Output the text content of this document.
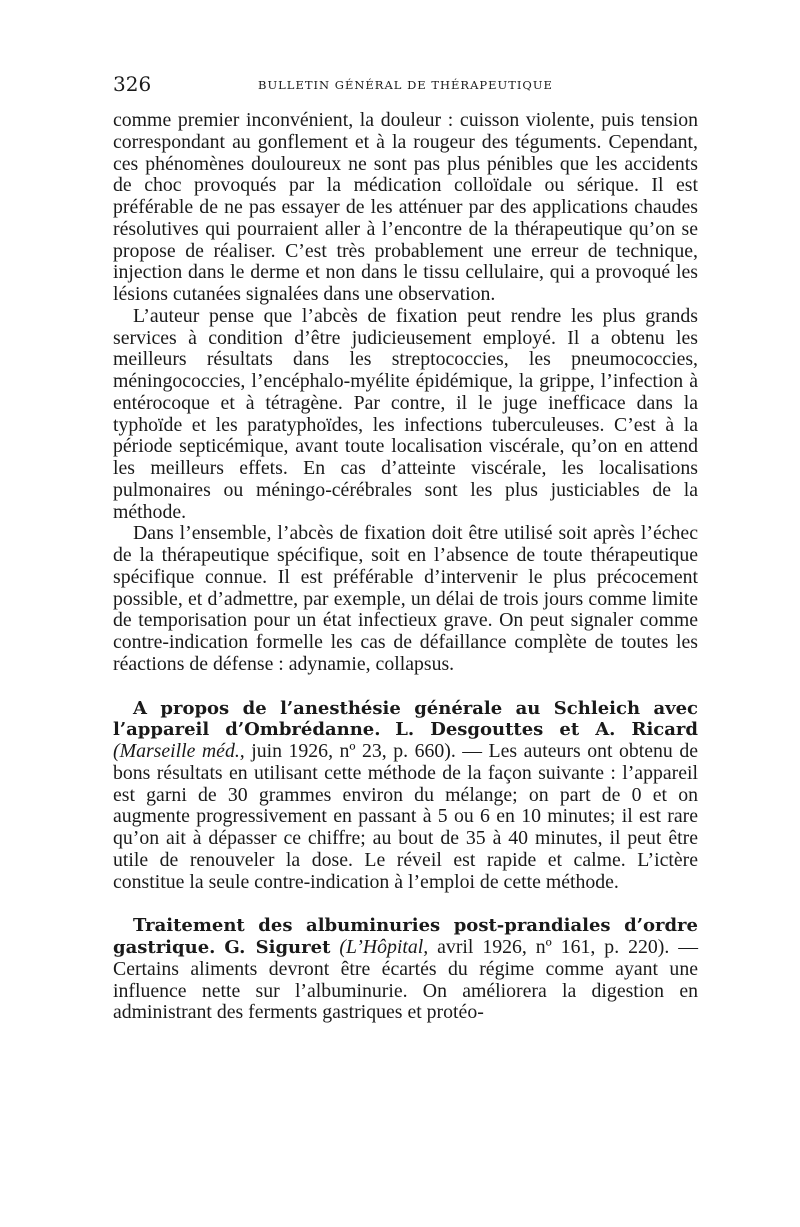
326	BULLETIN GÉNÉRAL DE THÉRAPEUTIQUE

comme premier inconvénient, la douleur : cuisson violente, puis tension correspondant au gonflement et à la rougeur des téguments. Cependant, ces phénomènes douloureux ne sont pas plus pénibles que les accidents de choc provoqués par la médication colloïdale ou sérique. Il est préférable de ne pas essayer de les atténuer par des applications chaudes résolutives qui pourraient aller à l’encontre de la thérapeutique qu’on se propose de réaliser. C’est très probablement une erreur de technique, injection dans le derme et non dans le tissu cellulaire, qui a provoqué les lésions cutanées signalées dans une observation.

L’auteur pense que l’abcès de fixation peut rendre les plus grands services à condition d’être judicieusement employé. Il a obtenu les meilleurs résultats dans les streptococcies, les pneumococcies, méningococcies, l’encéphalo-myélite épidémique, la grippe, l’infection à entérocoque et à tétragène. Par contre, il le juge inefficace dans la typhoïde et les paratyphoïdes, les infections tuberculeuses. C’est à la période septicémique, avant toute localisation viscérale, qu’on en attend les meilleurs effets. En cas d’atteinte viscérale, les localisations pulmonaires ou méningo-cérébrales sont les plus justiciables de la méthode.

Dans l’ensemble, l’abcès de fixation doit être utilisé soit après l’échec de la thérapeutique spécifique, soit en l’absence de toute thérapeutique spécifique connue. Il est préférable d’intervenir le plus précocement possible, et d’admettre, par exemple, un délai de trois jours comme limite de temporisation pour un état infectieux grave. On peut signaler comme contre-indication formelle les cas de défaillance complète de toutes les réactions de défense : adynamie, collapsus.

A propos de l’anesthésie générale au Schleich avec l’appareil d’Ombrédanne. L. Desgouttes et A. Ricard (Marseille méd., juin 1926, nº 23, p. 660). — Les auteurs ont obtenu de bons résultats en utilisant cette méthode de la façon suivante : l’appareil est garni de 30 grammes environ du mélange; on part de 0 et on augmente progressivement en passant à 5 ou 6 en 10 minutes; il est rare qu’on ait à dépasser ce chiffre; au bout de 35 à 40 minutes, il peut être utile de renouveler la dose. Le réveil est rapide et calme. L’ictère constitue la seule contre-indication à l’emploi de cette méthode.

Traitement des albuminuries post-prandiales d’ordre gastrique. G. Siguret (L’Hôpital, avril 1926, nº 161, p. 220). — Certains aliments devront être écartés du régime comme ayant une influence nette sur l’albuminurie. On améliorera la digestion en administrant des ferments gastriques et protéo-
